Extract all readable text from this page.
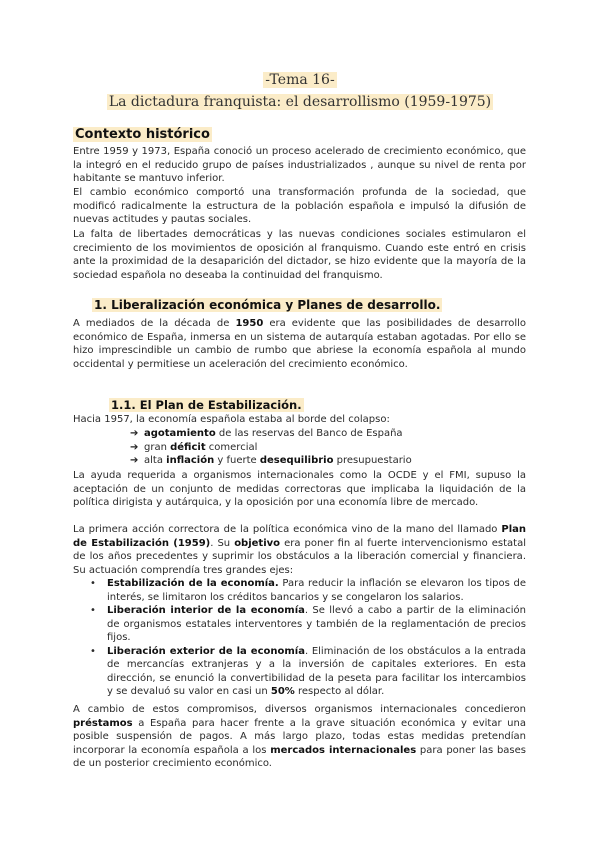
-Tema 16-
La dictadura franquista: el desarrollismo (1959-1975)
Contexto histórico

Entre 1959 y 1973, España conoció un proceso acelerado de crecimiento económico, que la integró en el reducido grupo de países industrializados , aunque su nivel de renta por habitante se mantuvo inferior.

El cambio económico comportó una transformación profunda de la sociedad, que modificó radicalmente la estructura de la población española e impulsó la difusión de nuevas actitudes y pautas sociales.

La falta de libertades democráticas y las nuevas condiciones sociales estimularon el crecimiento de los movimientos de oposición al franquismo. Cuando este entró en crisis ante la proximidad de la desaparición del dictador, se hizo evidente que la mayoría de la sociedad española no deseaba la continuidad del franquismo.

1. Liberalización económica y Planes de desarrollo.

A mediados de la década de 1950 era evidente que las posibilidades de desarrollo económico de España, inmersa en un sistema de autarquía estaban agotadas. Por ello se hizo imprescindible un cambio de rumbo que abriese la economía española al mundo occidental y permitiese un aceleración del crecimiento económico.

1.1. El Plan de Estabilización.

Hacia 1957, la economía española estaba al borde del colapso:

➔ agotamiento de las reservas del Banco de España
➔ gran déficit comercial
➔ alta inflación y fuerte desequilibrio presupuestario

La ayuda requerida a organismos internacionales como la OCDE y el FMI, supuso la aceptación de un conjunto de medidas correctoras que implicaba la liquidación de la política dirigista y autárquica, y la oposición por una economía libre de mercado.

La primera acción correctora de la política económica vino de la mano del llamado Plan de Estabilización (1959). Su objetivo era poner fin al fuerte intervencionismo estatal de los años precedentes y suprimir los obstáculos a la liberación comercial y financiera. Su actuación comprendía tres grandes ejes:

• Estabilización de la economía. Para reducir la inflación se elevaron los tipos de interés, se limitaron los créditos bancarios y se congelaron los salarios.
• Liberación interior de la economía. Se llevó a cabo a partir de la eliminación de organismos estatales interventores y también de la reglamentación de precios fijos.
• Liberación exterior de la economía. Eliminación de los obstáculos a la entrada de mercancías extranjeras y a la inversión de capitales exteriores. En esta dirección, se enunció la convertibilidad de la peseta para facilitar los intercambios y se devaluó su valor en casi un 50% respecto al dólar.

A cambio de estos compromisos, diversos organismos internacionales concedieron préstamos a España para hacer frente a la grave situación económica y evitar una posible suspensión de pagos. A más largo plazo, todas estas medidas pretendían incorporar la economía española a los mercados internacionales para poner las bases de un posterior crecimiento económico.
